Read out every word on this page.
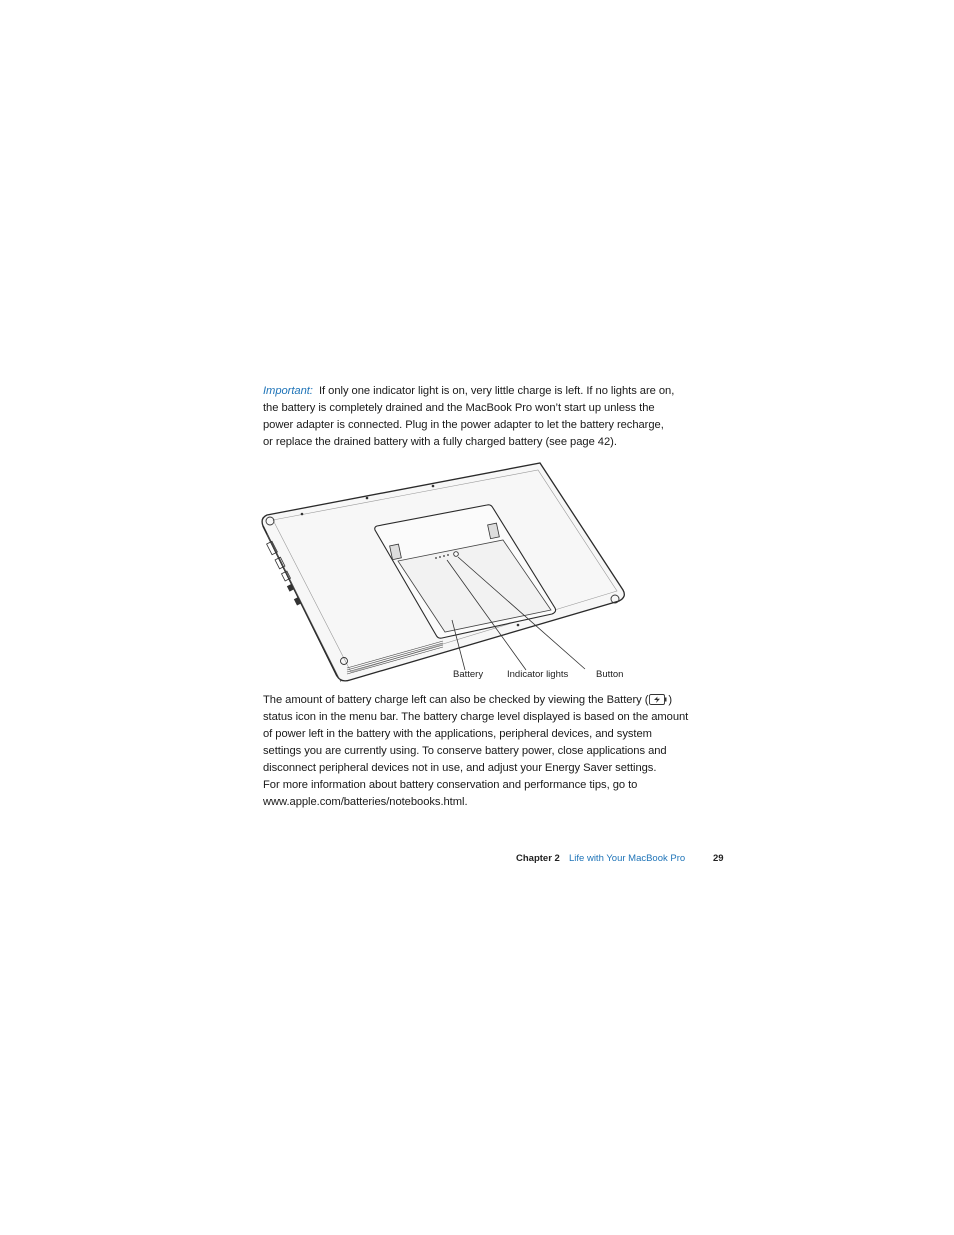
Important: If only one indicator light is on, very little charge is left. If no lights are on,
the battery is completely drained and the MacBook Pro won’t start up unless the
power adapter is connected. Plug in the power adapter to let the battery recharge,
or replace the drained battery with a fully charged battery (see page 42).
Battery	Indicator lights	Button
The amount of battery charge left can also be checked by viewing the Battery ( )
status icon in the menu bar. The battery charge level displayed is based on the amount
of power left in the battery with the applications, peripheral devices, and system
settings you are currently using. To conserve battery power, close applications and
disconnect peripheral devices not in use, and adjust your Energy Saver settings.
For more information about battery conservation and performance tips, go to
www.apple.com/batteries/notebooks.html.
Chapter 2 Life with Your MacBook Pro	29
